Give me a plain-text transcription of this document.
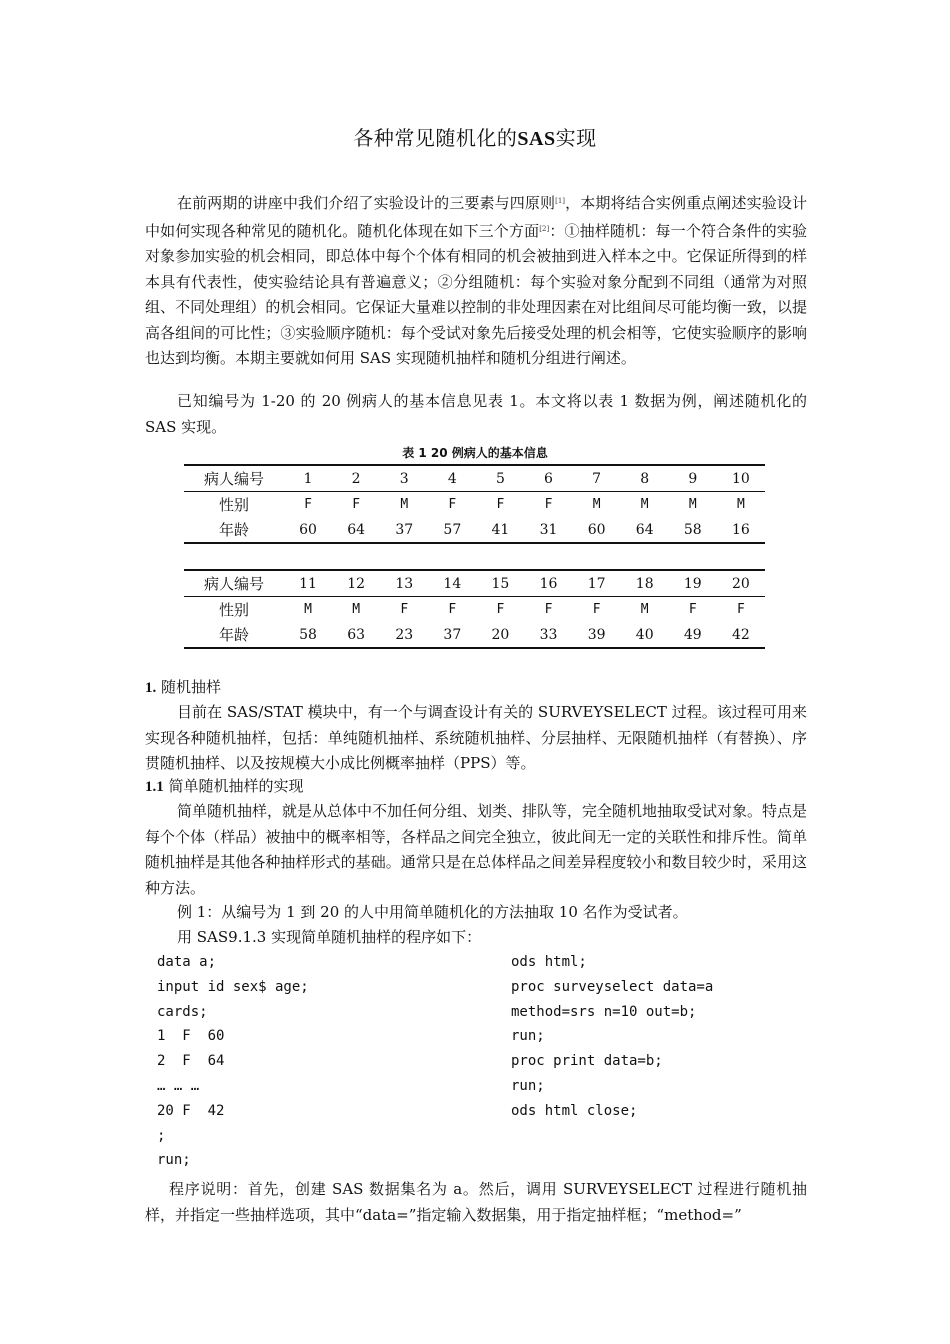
各种常见随机化的SAS实现
在前两期的讲座中我们介绍了实验设计的三要素与四原则[1]，本期将结合实例重点阐述实验设计中如何实现各种常见的随机化。随机化体现在如下三个方面[2]：①抽样随机：每一个符合条件的实验对象参加实验的机会相同，即总体中每个个体有相同的机会被抽到进入样本之中。它保证所得到的样本具有代表性，使实验结论具有普遍意义；②分组随机：每个实验对象分配到不同组（通常为对照组、不同处理组）的机会相同。它保证大量难以控制的非处理因素在对比组间尽可能均衡一致，以提高各组间的可比性；③实验顺序随机：每个受试对象先后接受处理的机会相等，它使实验顺序的影响也达到均衡。本期主要就如何用 SAS 实现随机抽样和随机分组进行阐述。
已知编号为 1-20 的 20 例病人的基本信息见表 1。本文将以表 1 数据为例，阐述随机化的 SAS 实现。
表 1 20 例病人的基本信息
病人编号	1	2	3	4	5	6	7	8	9	10
性别	F	F	M	F	F	F	M	M	M	M
年龄	60	64	37	57	41	31	60	64	58	16
病人编号	11	12	13	14	15	16	17	18	19	20
性别	M	M	F	F	F	F	F	M	F	F
年龄	58	63	23	37	20	33	39	40	49	42
1. 随机抽样
目前在 SAS/STAT 模块中，有一个与调查设计有关的 SURVEYSELECT 过程。该过程可用来实现各种随机抽样，包括：单纯随机抽样、系统随机抽样、分层抽样、无限随机抽样（有替换）、序贯随机抽样、以及按规模大小成比例概率抽样（PPS）等。
1.1 简单随机抽样的实现
简单随机抽样，就是从总体中不加任何分组、划类、排队等，完全随机地抽取受试对象。特点是每个个体（样品）被抽中的概率相等，各样品之间完全独立，彼此间无一定的关联性和排斥性。简单随机抽样是其他各种抽样形式的基础。通常只是在总体样品之间差异程度较小和数目较少时，采用这种方法。
例 1：从编号为 1 到 20 的人中用简单随机化的方法抽取 10 名作为受试者。
用 SAS9.1.3 实现简单随机抽样的程序如下：
data a;
input id sex$ age;
cards;
1  F  60
2  F  64
… … …
20 F  42
;
run;
ods html;
proc surveyselect data=a
method=srs n=10 out=b;
run;
proc print data=b;
run;
ods html close;
程序说明：首先，创建 SAS 数据集名为 a。然后，调用 SURVEYSELECT 过程进行随机抽样，并指定一些抽样选项，其中“data=”指定输入数据集，用于指定抽样框；“method=”
